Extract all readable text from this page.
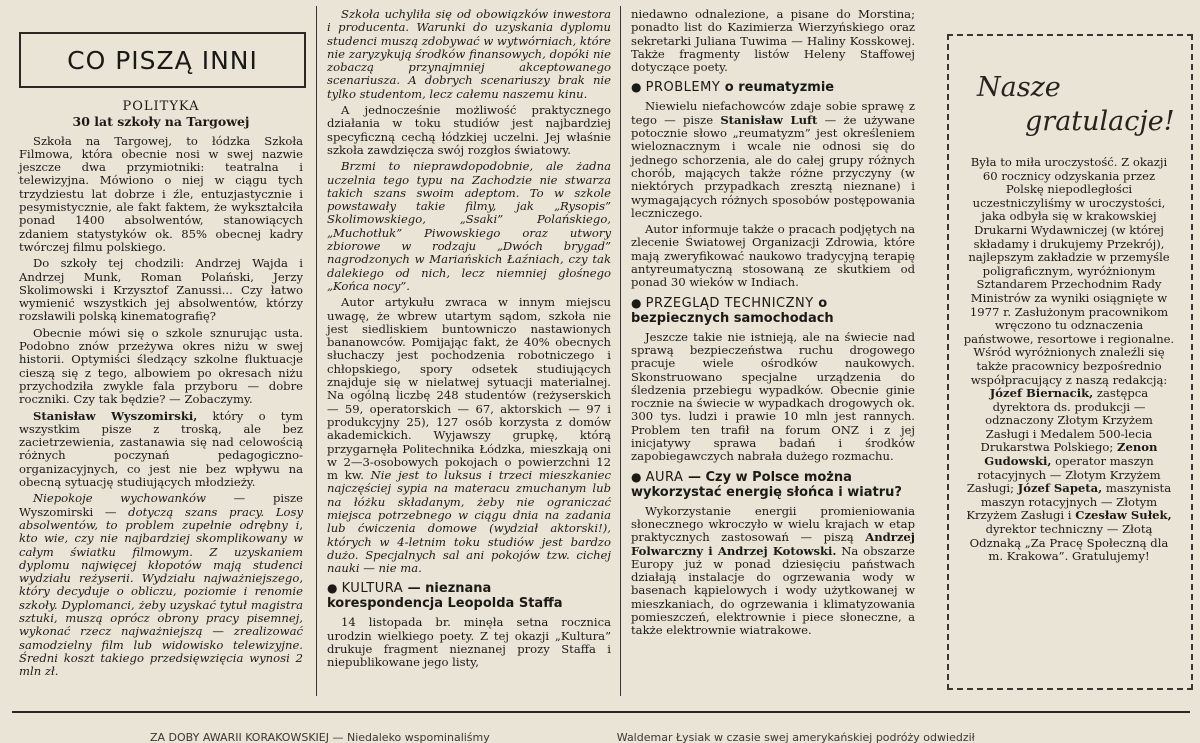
CO PISZĄ INNI
POLITYKA
30 lat szkoły na Targowej

Szkoła na Targowej, to łódzka Szkoła Filmowa, która obecnie nosi w swej nazwie jeszcze dwa przymiotniki: teatralna i telewizyjna. Mówiono o niej w ciągu tych trzydziestu lat dobrze i źle, entuzjastycznie i pesymistycznie, ale fakt faktem, że wykształciła ponad 1400 absolwentów, stanowiących zdaniem statystyków ok. 85% obecnej kadry twórczej filmu polskiego.

Do szkoły tej chodzili: Andrzej Wajda i Andrzej Munk, Roman Polański, Jerzy Skolimowski i Krzysztof Zanussi... Czy łatwo wymienić wszystkich jej absolwentów, którzy rozsławili polską kinematografię?

Obecnie mówi się o szkole sznurując usta. Podobno znów przeżywa okres niżu w swej historii. Optymiści śledzący szkolne fluktuacje cieszą się z tego, albowiem po okresach niżu przychodziła zwykle fala przyboru — dobre roczniki. Czy tak będzie? — Zobaczymy.

Stanisław Wyszomirski, który o tym wszystkim pisze z troską, ale bez zacietrzewienia, zastanawia się nad celowością różnych poczynań pedagogiczno-organizacyjnych, co jest nie bez wpływu na obecną sytuację studiujących młodzieży.

Niepokoje wychowanków — pisze Wyszomirski — dotyczą szans pracy. Losy absolwentów, to problem zupełnie odrębny i, kto wie, czy nie najbardziej skomplikowany w całym światku filmowym. Z uzyskaniem dyplomu najwięcej kłopotów mają studenci wydziału reżyserii. Wydziału najważniejszego, który decyduje o obliczu, poziomie i renomie szkoły. Dyplomanci, żeby uzyskać tytuł magistra sztuki, muszą oprócz obrony pracy pisemnej, wykonać rzecz najważniejszą — zrealizować samodzielny film lub widowisko telewizyjne. Średni koszt takiego przedsięwzięcia wynosi 2 mln zł.

Szkoła uchyliła się od obowiązków inwestora i producenta. Warunki do uzyskania dyplomu studenci muszą zdobywać w wytwórniach, które nie zaryzykują środków finansowych, dopóki nie zobaczą przynajmniej akceptowanego scenariusza. A dobrych scenariuszy brak nie tylko studentom, lecz całemu naszemu kinu.

A jednocześnie możliwość praktycznego działania w toku studiów jest najbardziej specyficzną cechą łódzkiej uczelni. Jej właśnie szkoła zawdzięcza swój rozgłos światowy.

Brzmi to nieprawdopodobnie, ale żadna uczelnia tego typu na Zachodzie nie stwarza takich szans swoim adeptom. To w szkole powstawały takie filmy, jak „Rysopis” Skolimowskiego, „Ssaki” Polańskiego, „Muchotłuk” Piwowskiego oraz utwory zbiorowe w rodzaju „Dwóch brygad” nagrodzonych w Mariańskich Łaźniach, czy tak dalekiego od nich, lecz niemniej głośnego „Końca nocy”.

Autor artykułu zwraca w innym miejscu uwagę, że wbrew utartym sądom, szkoła nie jest siedliskiem buntowniczo nastawionych bananowców. Pomijając fakt, że 40% obecnych słuchaczy jest pochodzenia robotniczego i chłopskiego, spory odsetek studiujących znajduje się w nielatwej sytuacji materialnej. Na ogólną liczbę 248 studentów (reżyserskich — 59, operatorskich — 67, aktorskich — 97 i produkcyjny 25), 127 osób korzysta z domów akademickich. Wyjawszy grupkę, którą przygarnęła Politechnika Łódzka, mieszkają oni w 2—3-osobowych pokojach o powierzchni 12 m kw. Nie jest to luksus i trzeci mieszkaniec najczęściej sypia na materacu zmuchanym lub na łóżku składanym, żeby nie ograniczać miejsca potrzebnego w ciągu dnia na zadania lub ćwiczenia domowe (wydział aktorski!), których w 4-letnim toku studiów jest bardzo dużo. Specjalnych sal ani pokojów tzw. cichej nauki — nie ma.

● KULTURA — nieznana korespondencja Leopolda Staffa

14 listopada br. minęła setna rocznica urodzin wielkiego poety. Z tej okazji „Kultura” drukuje fragment nieznanej prozy Staffa i niepublikowane jego listy,

niedawno odnalezione, a pisane do Morstina; ponadto list do Kazimierza Wierzyńskiego oraz sekretarki Juliana Tuwima — Haliny Kosskowej. Także fragmenty listów Heleny Staffowej dotyczące poety.

● PROBLEMY o reumatyzmie

Niewielu niefachowców zdaje sobie sprawę z tego — pisze Stanisław Luft — że używane potocznie słowo „reumatyzm” jest określeniem wieloznacznym i wcale nie odnosi się do jednego schorzenia, ale do całej grupy różnych chorób, mających także różne przyczyny (w niektórych przypadkach zresztą nieznane) i wymagających różnych sposobów postępowania leczniczego.

Autor informuje także o pracach podjętych na zlecenie Światowej Organizacji Zdrowia, które mają zweryfikować naukowo tradycyjną terapię antyreumatyczną stosowaną ze skutkiem od ponad 30 wieków w Indiach.

● PRZEGLĄD TECHNICZNY o bezpiecznych samochodach

Jeszcze takie nie istnieją, ale na świecie nad sprawą bezpieczeństwa ruchu drogowego pracuje wiele ośrodków naukowych. Skonstruowano specjalne urządzenia do śledzenia przebiegu wypadków. Obecnie ginie rocznie na świecie w wypadkach drogowych ok. 300 tys. ludzi i prawie 10 mln jest rannych. Problem ten trafił na forum ONZ i z jej inicjatywy sprawa badań i środków zapobiegawczych nabrała dużego rozmachu.

● AURA — Czy w Polsce można wykorzystać energię słońca i wiatru?

Wykorzystanie energii promieniowania słonecznego wkroczyło w wielu krajach w etap praktycznych zastosowań — piszą Andrzej Folwarczny i Andrzej Kotowski. Na obszarze Europy już w ponad dziesięciu państwach działają instalacje do ogrzewania wody w basenach kąpielowych i wody użytkowanej w mieszkaniach, do ogrzewania i klimatyzowania pomieszczeń, elektrownie i piece słoneczne, a także elektrownie wiatrakowe.

Nasze
gratulacje!

Była to miła uroczystość. Z okazji 60 rocznicy odzyskania przez Polskę niepodległości uczestniczyliśmy w uroczystości, jaka odbyła się w krakowskiej Drukarni Wydawniczej (w której składamy i drukujemy Przekrój), najlepszym zakładzie w przemyśle poligraficznym, wyróżnionym Sztandarem Przechodnim Rady Ministrów za wyniki osiągnięte w 1977 r. Zasłużonym pracownikom wręczono tu odznaczenia państwowe, resortowe i regionalne. Wśród wyróżnionych znaleźli się także pracownicy bezpośrednio współpracujący z naszą redakcją: Józef Biernacik, zastępca dyrektora ds. produkcji — odznaczony Złotym Krzyżem Zasługi i Medalem 500-lecia Drukarstwa Polskiego; Zenon Gudowski, operator maszyn rotacyjnych — Złotym Krzyżem Zasługi; Józef Sapeta, maszynista maszyn rotacyjnych — Złotym Krzyżem Zasługi i Czesław Sułek, dyrektor techniczny — Złotą Odznaką „Za Pracę Społeczną dla m. Krakowa”. Gratulujemy!

ZA DOBY AWARII KORAKOWSKIEJ — Niedaleko wspominaliśmy	Waldemar Łysiak w czasie swej amerykańskiej podróży odwiedził
